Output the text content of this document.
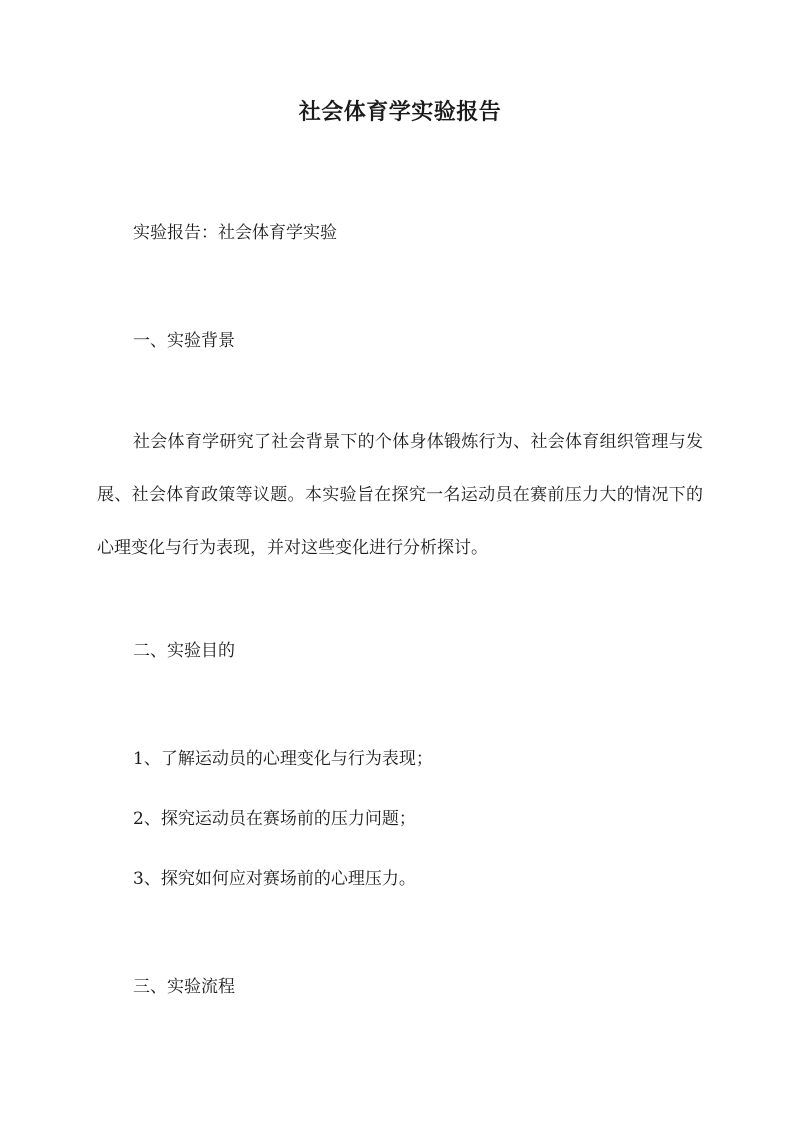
社会体育学实验报告
实验报告：社会体育学实验
一、实验背景
社会体育学研究了社会背景下的个体身体锻炼行为、社会体育组织管理与发展、社会体育政策等议题。本实验旨在探究一名运动员在赛前压力大的情况下的心理变化与行为表现，并对这些变化进行分析探讨。
二、实验目的
1、了解运动员的心理变化与行为表现；
2、探究运动员在赛场前的压力问题；
3、探究如何应对赛场前的心理压力。
三、实验流程
